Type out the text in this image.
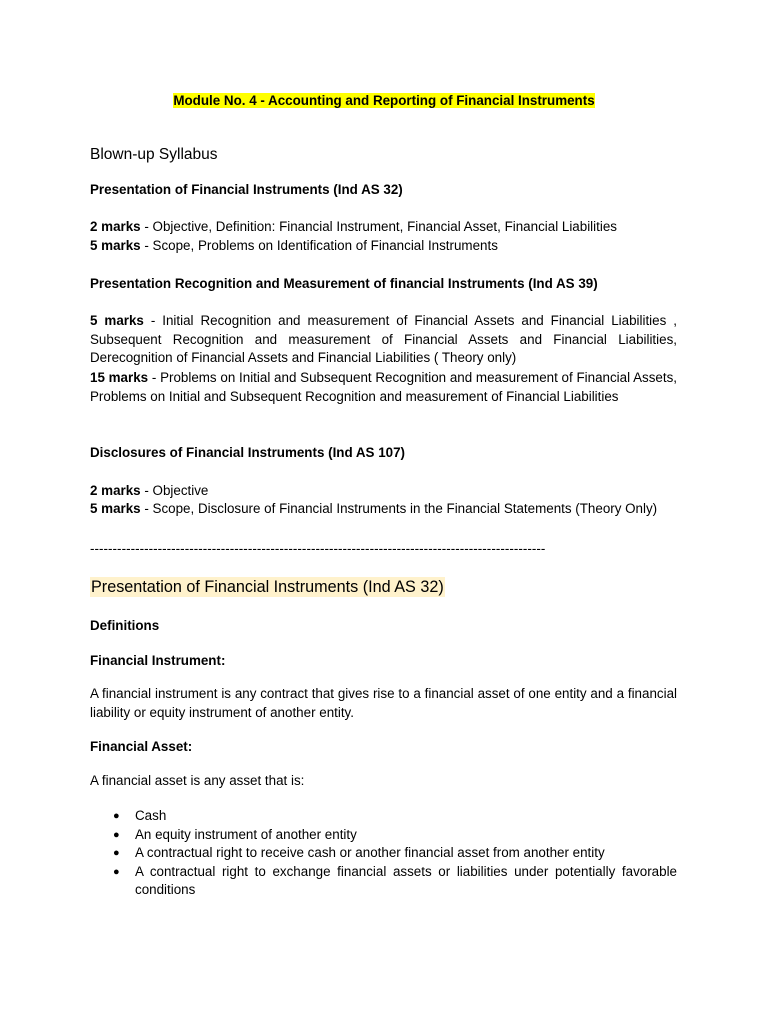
Module No. 4 - Accounting and Reporting of Financial Instruments

Blown-up Syllabus

Presentation of Financial Instruments (Ind AS 32)

2 marks - Objective, Definition: Financial Instrument, Financial Asset, Financial Liabilities

5 marks - Scope, Problems on Identification of Financial Instruments

Presentation Recognition and Measurement of financial Instruments (Ind AS 39)

5 marks - Initial Recognition and measurement of Financial Assets and Financial Liabilities , Subsequent Recognition and measurement of Financial Assets and Financial Liabilities, Derecognition of Financial Assets and Financial Liabilities ( Theory only)

15 marks - Problems on Initial and Subsequent Recognition and measurement of Financial Assets, Problems on Initial and Subsequent Recognition and measurement of Financial Liabilities

Disclosures of Financial Instruments (Ind AS 107)

2 marks - Objective

5 marks - Scope, Disclosure of Financial Instruments in the Financial Statements (Theory Only)

-----------------------------------------------------------------------------------------------------

Presentation of Financial Instruments (Ind AS 32)

Definitions

Financial Instrument:

A financial instrument is any contract that gives rise to a financial asset of one entity and a financial liability or equity instrument of another entity.

Financial Asset:

A financial asset is any asset that is:

● Cash
● An equity instrument of another entity
● A contractual right to receive cash or another financial asset from another entity
● A contractual right to exchange financial assets or liabilities under potentially favorable conditions
